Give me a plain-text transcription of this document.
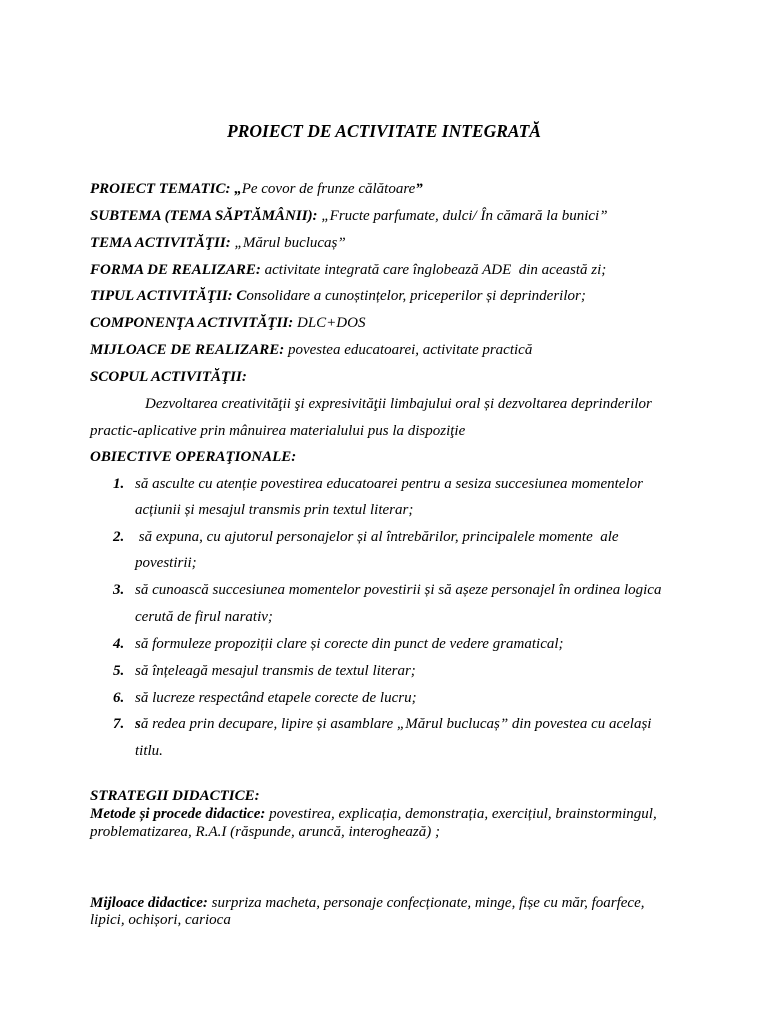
PROIECT DE ACTIVITATE INTEGRATĂ
PROIECT TEMATIC: „Pe covor de frunze călătoare”
SUBTEMA (TEMA SĂPTĂMÂNII): „Fructe parfumate, dulci/ În cămară la bunici”
TEMA ACTIVITĂŢII: „Mărul buclucaș”
FORMA DE REALIZARE: activitate integrată care înglobează ADE  din această zi;
TIPUL ACTIVITĂŢII: Consolidare a cunoștințelor, priceperilor și deprinderilor;
COMPONENŢA ACTIVITĂŢII: DLC+DOS
MIJLOACE DE REALIZARE: povestea educatoarei, activitate practică
SCOPUL ACTIVITĂŢII:
Dezvoltarea creativităţii şi expresivităţii limbajului oral și dezvoltarea deprinderilor
practic-aplicative prin mânuirea materialului pus la dispoziţie
OBIECTIVE OPERAŢIONALE:
1. să asculte cu atenție povestirea educatoarei pentru a sesiza succesiunea momentelor
acțiunii și mesajul transmis prin textul literar;
2. să expuna, cu ajutorul personajelor și al întrebărilor, principalele momente  ale
povestirii;
3. să cunoască succesiunea momentelor povestirii și să așeze personajel în ordinea logica
cerută de firul narativ;
4. să formuleze propoziții clare și corecte din punct de vedere gramatical;
5. să înțeleagă mesajul transmis de textul literar;
6. să lucreze respectând etapele corecte de lucru;
7. să redea prin decupare, lipire și asamblare „Mărul buclucaș” din povestea cu același
titlu.
STRATEGII DIDACTICE:
Metode și procede didactice: povestirea, explicația, demonstrația, exercițiul, brainstormingul,
problematizarea, R.A.I (răspunde, aruncă, interoghează) ;
Mijloace didactice: surpriza macheta, personaje confecționate, minge, fișe cu măr, foarfece,
lipici, ochișori, carioca
